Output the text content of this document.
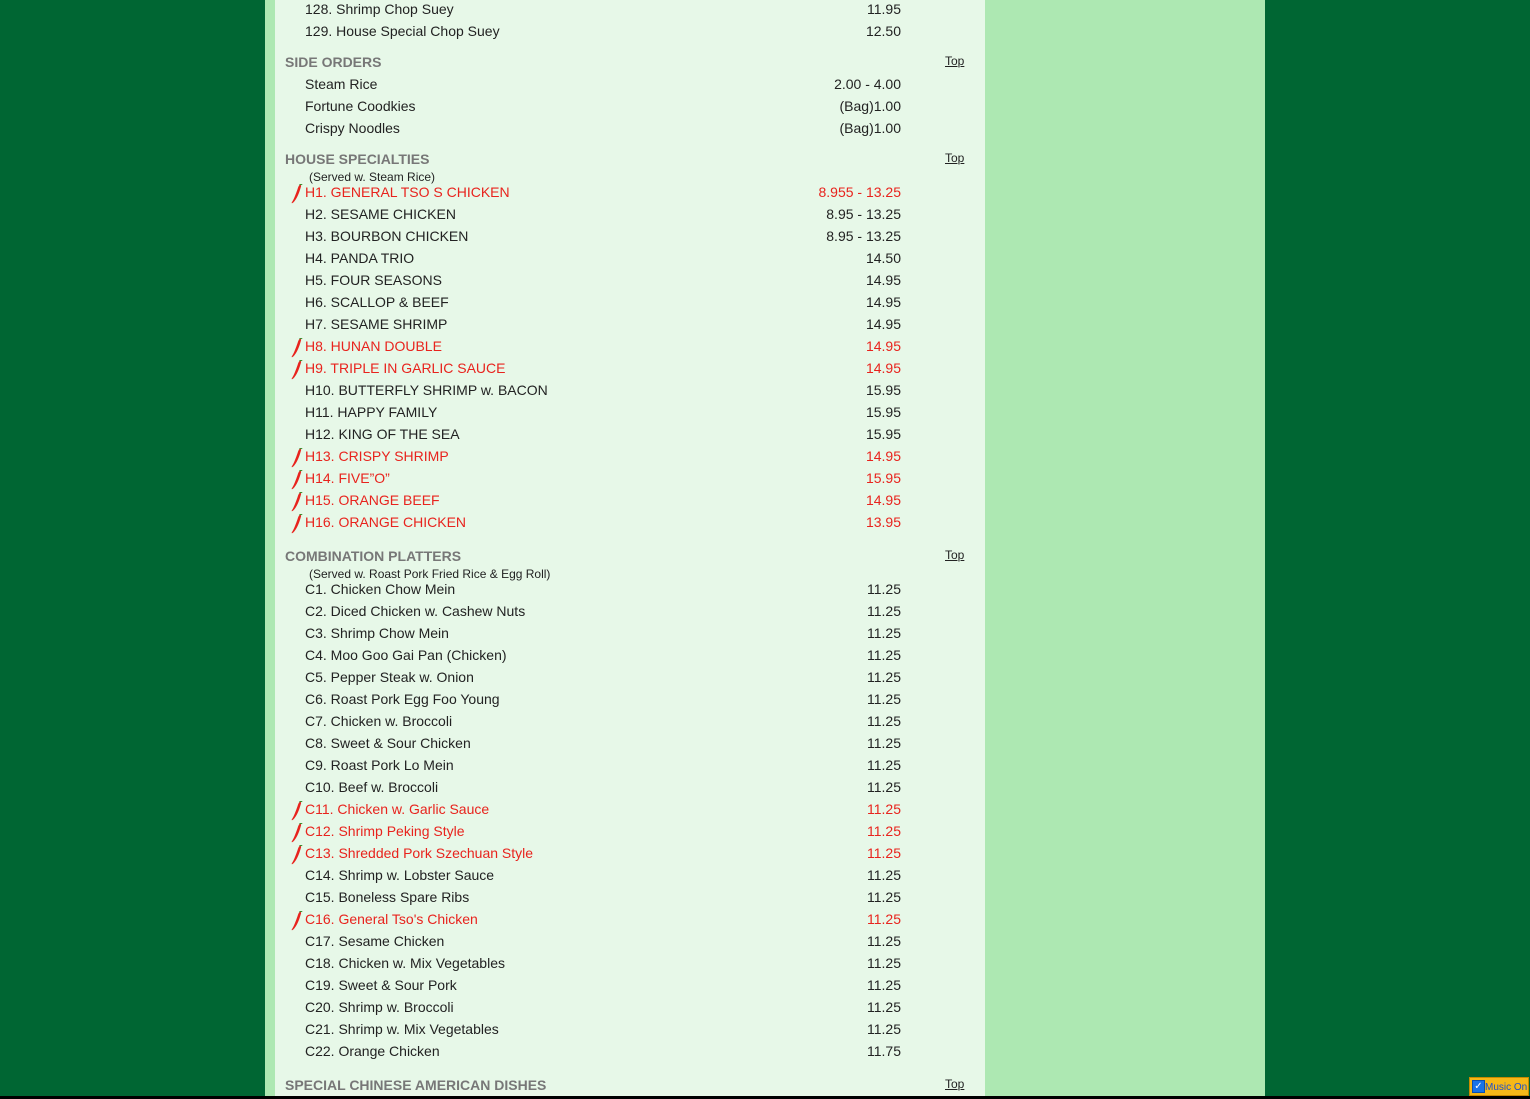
128. Shrimp Chop Suey	11.95
129. House Special Chop Suey	12.50
SIDE ORDERS	Top
Steam Rice	2.00 - 4.00
Fortune Coodkies	(Bag)1.00
Crispy Noodles	(Bag)1.00
HOUSE SPECIALTIES	Top
(Served w. Steam Rice)
H1. GENERAL TSO S CHICKEN	8.955 - 13.25
H2. SESAME CHICKEN	8.95 - 13.25
H3. BOURBON CHICKEN	8.95 - 13.25
H4. PANDA TRIO	14.50
H5. FOUR SEASONS	14.95
H6. SCALLOP & BEEF	14.95
H7. SESAME SHRIMP	14.95
H8. HUNAN DOUBLE	14.95
H9. TRIPLE IN GARLIC SAUCE	14.95
H10. BUTTERFLY SHRIMP w. BACON	15.95
H11. HAPPY FAMILY	15.95
H12. KING OF THE SEA	15.95
H13. CRISPY SHRIMP	14.95
H14. FIVE”O”	15.95
H15. ORANGE BEEF	14.95
H16. ORANGE CHICKEN	13.95
COMBINATION PLATTERS	Top
(Served w. Roast Pork Fried Rice & Egg Roll)
C1. Chicken Chow Mein	11.25
C2. Diced Chicken w. Cashew Nuts	11.25
C3. Shrimp Chow Mein	11.25
C4. Moo Goo Gai Pan (Chicken)	11.25
C5. Pepper Steak w. Onion	11.25
C6. Roast Pork Egg Foo Young	11.25
C7. Chicken w. Broccoli	11.25
C8. Sweet & Sour Chicken	11.25
C9. Roast Pork Lo Mein	11.25
C10. Beef w. Broccoli	11.25
C11. Chicken w. Garlic Sauce	11.25
C12. Shrimp Peking Style	11.25
C13. Shredded Pork Szechuan Style	11.25
C14. Shrimp w. Lobster Sauce	11.25
C15. Boneless Spare Ribs	11.25
C16. General Tso's Chicken	11.25
C17. Sesame Chicken	11.25
C18. Chicken w. Mix Vegetables	11.25
C19. Sweet & Sour Pork	11.25
C20. Shrimp w. Broccoli	11.25
C21. Shrimp w. Mix Vegetables	11.25
C22. Orange Chicken	11.75
SPECIAL CHINESE AMERICAN DISHES	Top	✓ Music On
